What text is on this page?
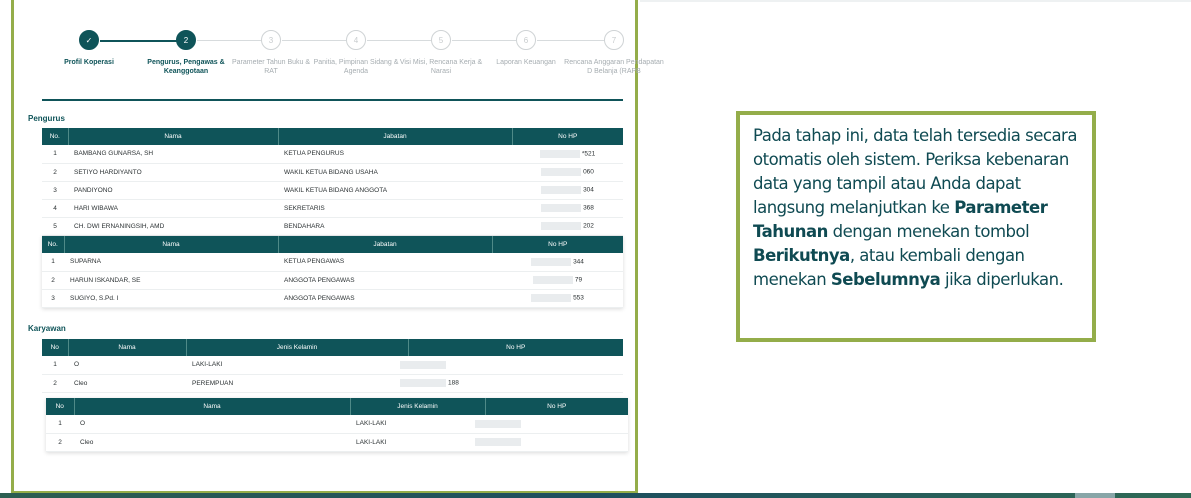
✓
Profil Koperasi
2
Pengurus, Pengawas & Keanggotaan
3
Parameter Tahun Buku & RAT
4
Panitia, Pimpinan Sidang & Agenda
5
Visi Misi, Rencana Kerja & Narasi
6
Laporan Keuangan
7
Rencana Anggaran Pendapatan D Belanja (RAPB
Pengurus
No.	Nama	Jabatan	No HP
1	BAMBANG GUNARSA, SH	KETUA PENGURUS	*521
2	SETIYO HARDIYANTO	WAKIL KETUA BIDANG USAHA	060
3	PANDIYONO	WAKIL KETUA BIDANG ANGGOTA	304
4	HARI WIBAWA	SEKRETARIS	368
5	CH. DWI ERNANINGSIH, AMD	BENDAHARA	202
No.	Nama	Jabatan	No HP
1	SUPARNA	KETUA PENGAWAS	344
2	HARUN ISKANDAR, SE	ANGGOTA PENGAWAS	79
3	SUGIYO, S.Pd. I	ANGGOTA PENGAWAS	553
Karyawan
No	Nama	Jenis Kelamin	No HP
1	O	LAKI-LAKI	
2	Cleo	PEREMPUAN	188
No	Nama	Jenis Kelamin	No HP
1	O	LAKI-LAKI	
2	Cleo	LAKI-LAKI	

Pada tahap ini, data telah tersedia secara otomatis oleh sistem. Periksa kebenaran data yang tampil atau Anda dapat langsung melanjutkan ke Parameter Tahunan dengan menekan tombol Berikutnya, atau kembali dengan menekan Sebelumnya jika diperlukan.
